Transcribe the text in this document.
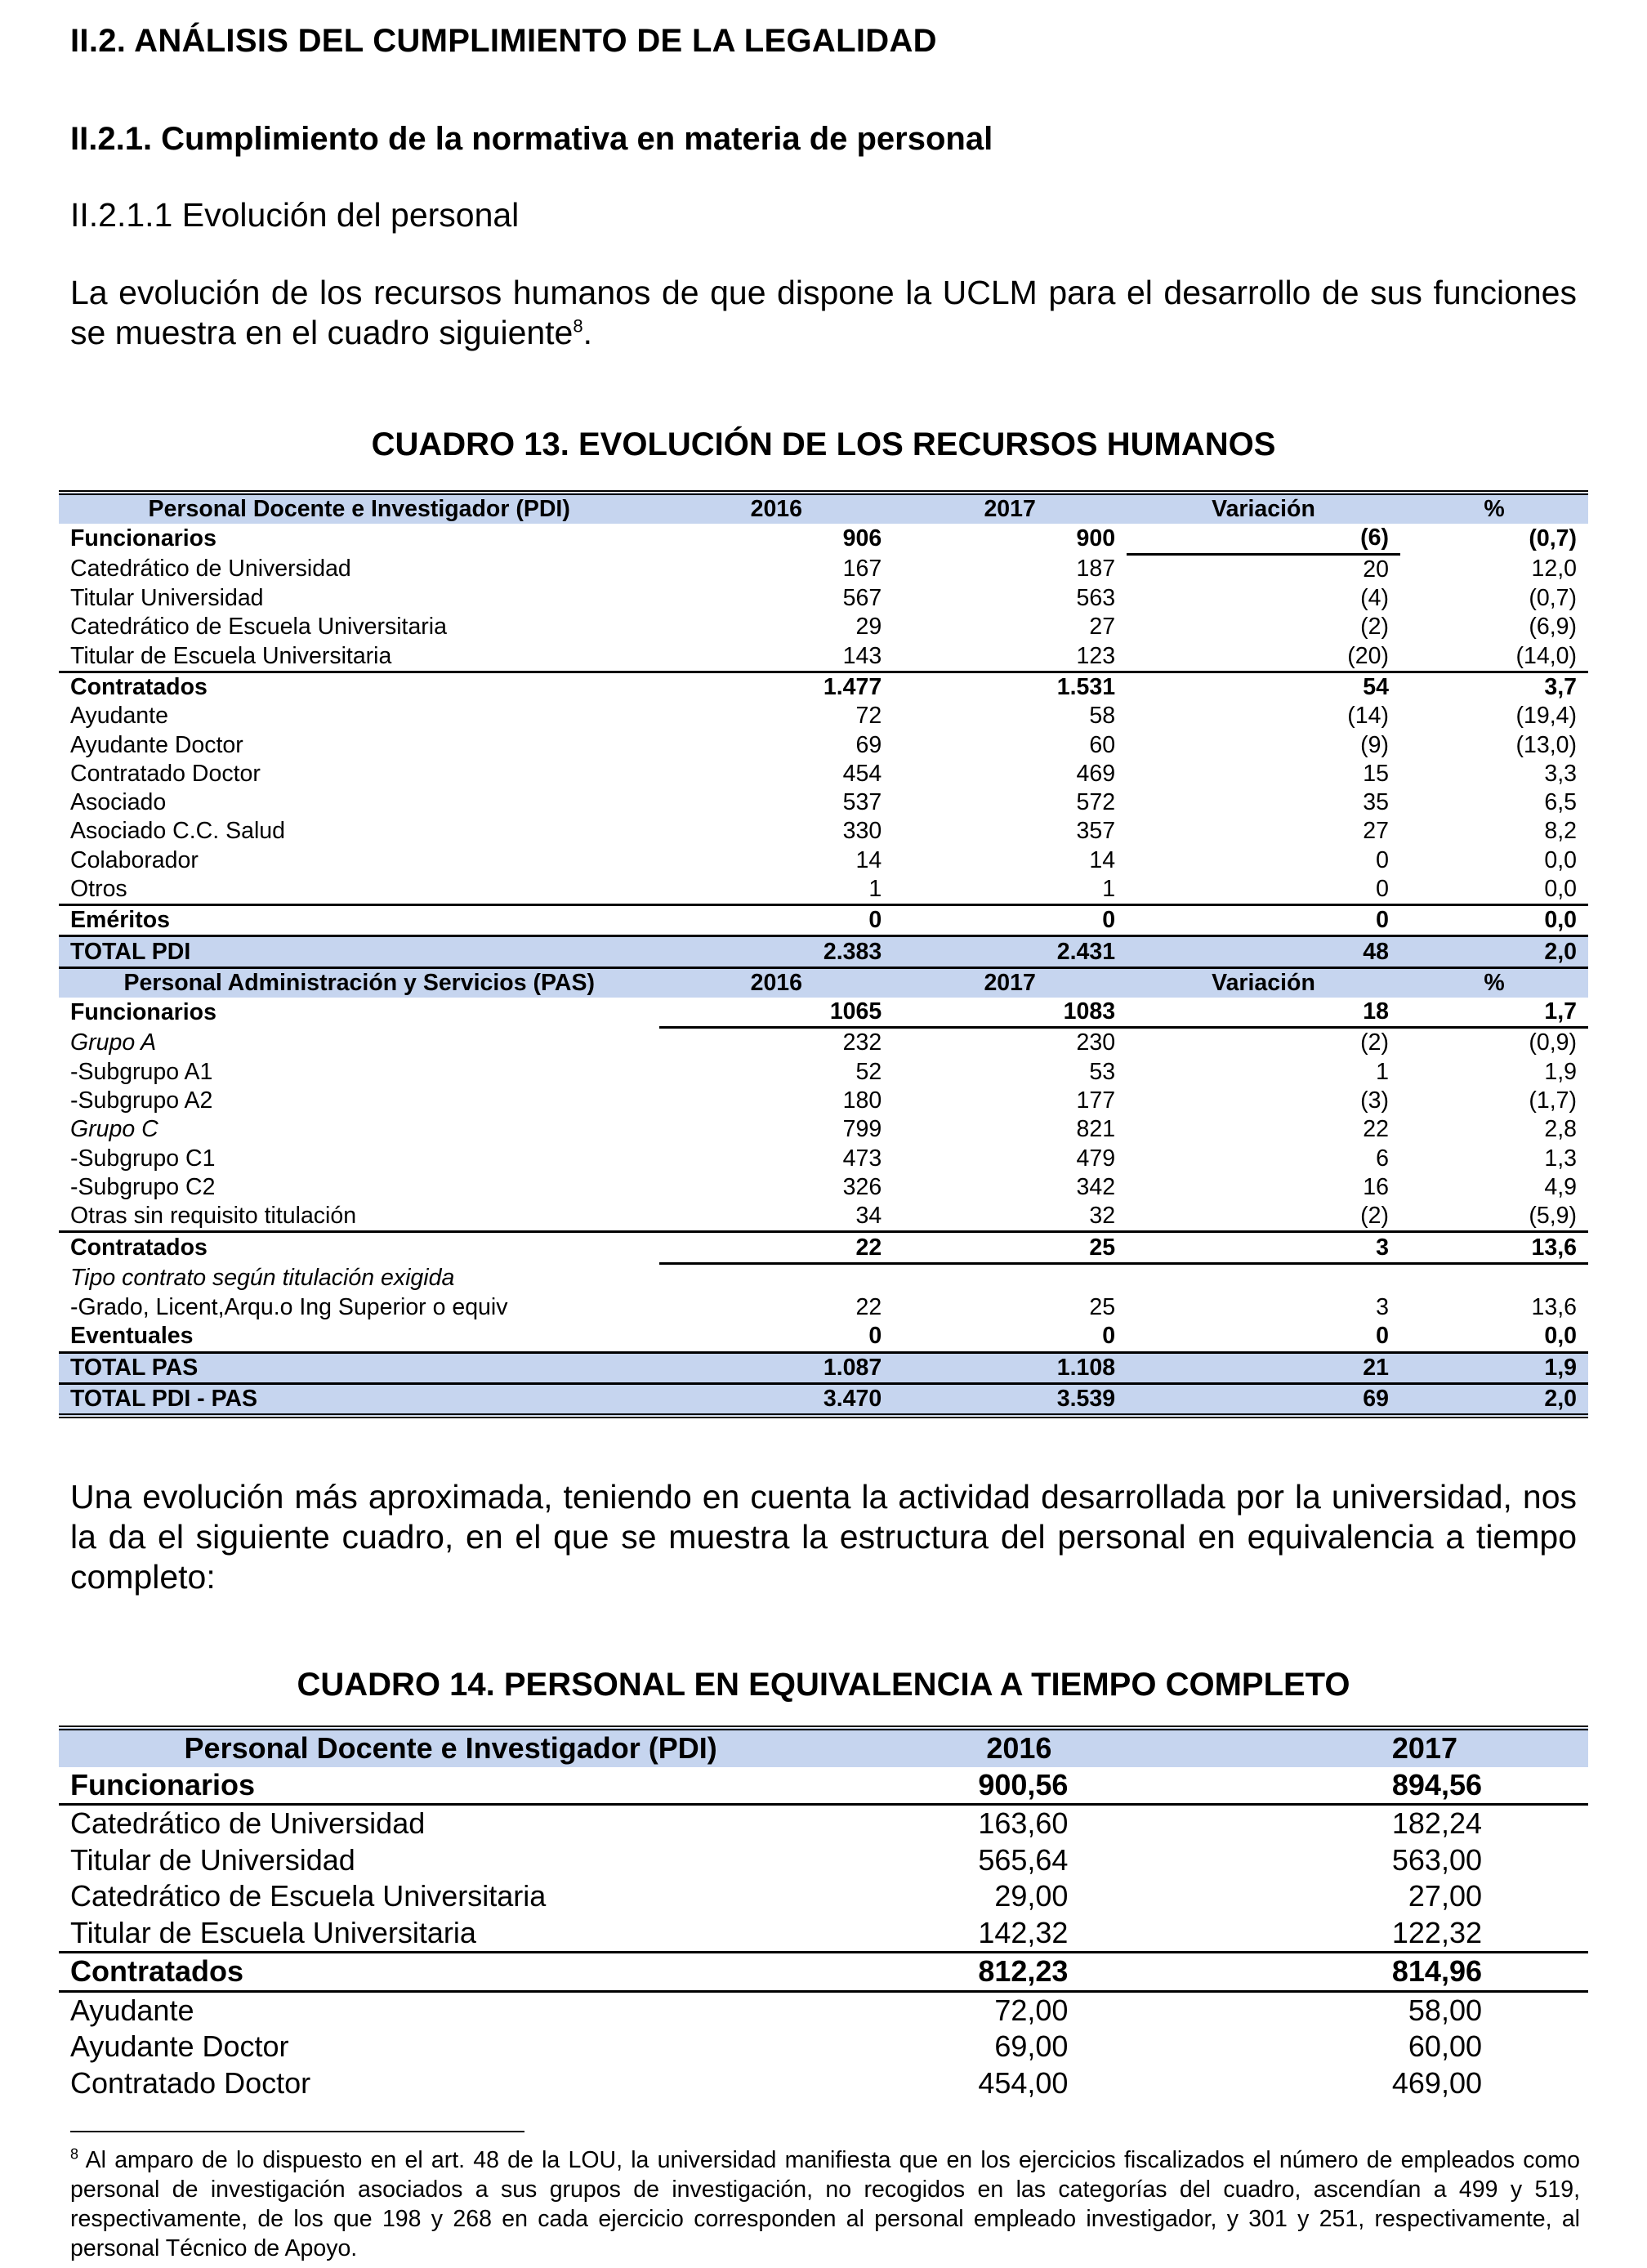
II.2. ANÁLISIS DEL CUMPLIMIENTO DE LA LEGALIDAD
II.2.1. Cumplimiento de la normativa en materia de personal
II.2.1.1 Evolución del personal
La evolución de los recursos humanos de que dispone la UCLM para el desarrollo de sus funciones se muestra en el cuadro siguiente$^8$.
CUADRO 13. EVOLUCIÓN DE LOS RECURSOS HUMANOS
Personal Docente e Investigador (PDI)	2016	2017	Variación	%
Funcionarios	906	900	(6)	(0,7)
Catedrático de Universidad	167	187	20	12,0
Titular Universidad	567	563	(4)	(0,7)
Catedrático de Escuela Universitaria	29	27	(2)	(6,9)
Titular de Escuela Universitaria	143	123	(20)	(14,0)
Contratados	1.477	1.531	54	3,7
Ayudante	72	58	(14)	(19,4)
Ayudante Doctor	69	60	(9)	(13,0)
Contratado Doctor	454	469	15	3,3
Asociado	537	572	35	6,5
Asociado C.C. Salud	330	357	27	8,2
Colaborador	14	14	0	0,0
Otros	1	1	0	0,0
Eméritos	0	0	0	0,0
TOTAL PDI	2.383	2.431	48	2,0
Personal Administración y Servicios (PAS)	2016	2017	Variación	%
Funcionarios	1065	1083	18	1,7
Grupo A	232	230	(2)	(0,9)
-Subgrupo A1	52	53	1	1,9
-Subgrupo A2	180	177	(3)	(1,7)
Grupo C	799	821	22	2,8
-Subgrupo C1	473	479	6	1,3
-Subgrupo C2	326	342	16	4,9
Otras sin requisito titulación	34	32	(2)	(5,9)
Contratados	22	25	3	13,6
Tipo contrato según titulación exigida				
-Grado, Licent,Arqu.o Ing Superior o equiv	22	25	3	13,6
Eventuales	0	0	0	0,0
TOTAL PAS	1.087	1.108	21	1,9
TOTAL PDI - PAS	3.470	3.539	69	2,0
Una evolución más aproximada, teniendo en cuenta la actividad desarrollada por la universidad, nos la da el siguiente cuadro, en el que se muestra la estructura del personal en equivalencia a tiempo completo:
CUADRO 14. PERSONAL EN EQUIVALENCIA A TIEMPO COMPLETO
Personal Docente e Investigador (PDI)	2016	2017
Funcionarios	900,56	894,56
Catedrático de Universidad	163,60	182,24
Titular de Universidad	565,64	563,00
Catedrático de Escuela Universitaria	29,00	27,00
Titular de Escuela Universitaria	142,32	122,32
Contratados	812,23	814,96
Ayudante	72,00	58,00
Ayudante Doctor	69,00	60,00
Contratado Doctor	454,00	469,00
$^8$ Al amparo de lo dispuesto en el art. 48 de la LOU, la universidad manifiesta que en los ejercicios fiscalizados el número de empleados como personal de investigación asociados a sus grupos de investigación, no recogidos en las categorías del cuadro, ascendían a 499 y 519, respectivamente, de los que 198 y 268 en cada ejercicio corresponden al personal empleado investigador, y 301 y 251, respectivamente, al personal Técnico de Apoyo.
